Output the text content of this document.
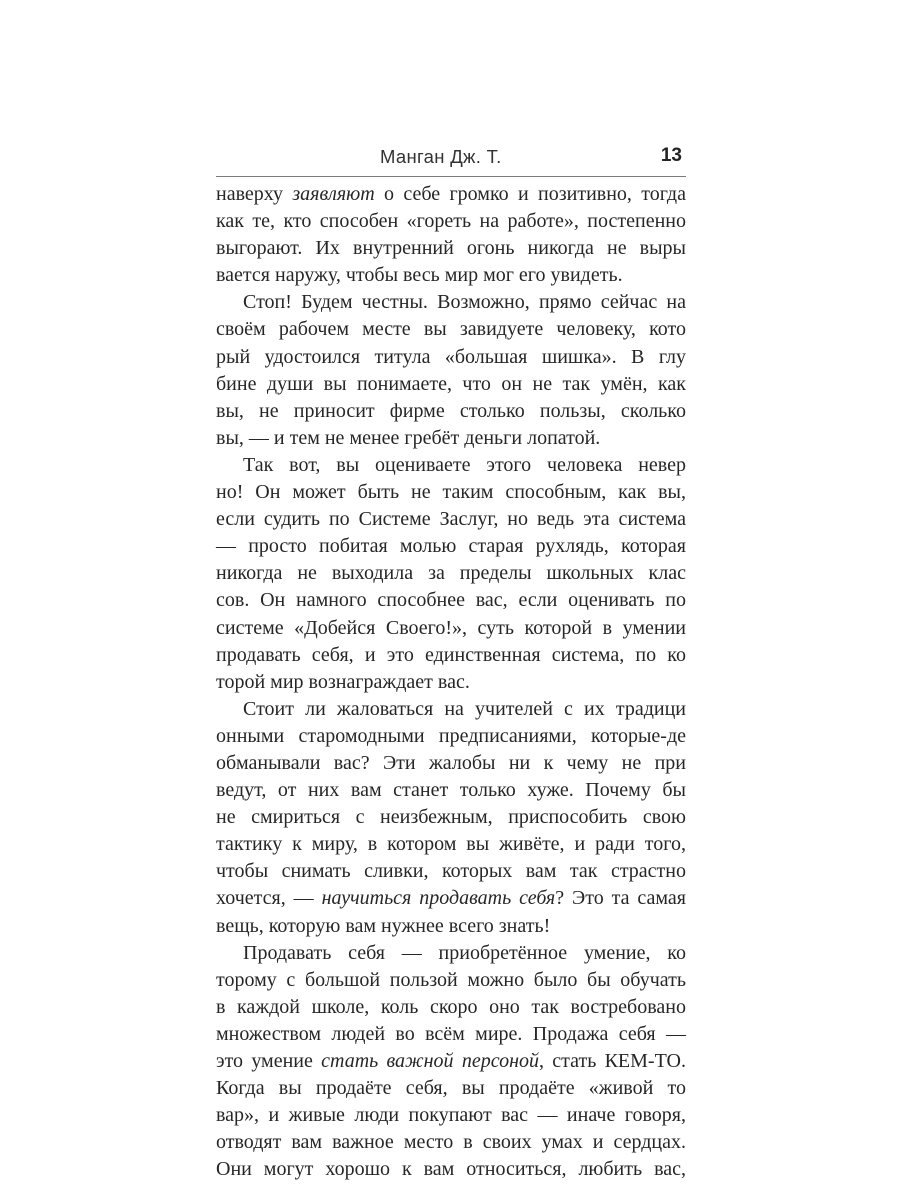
Манган Дж. Т.	13
наверху заявляют о себе громко и позитивно, тогда
как те, кто способен «гореть на работе», постепенно
выгорают. Их внутренний огонь никогда не выры
вается наружу, чтобы весь мир мог его увидеть.
Стоп! Будем честны. Возможно, прямо сейчас на
своём рабочем месте вы завидуете человеку, кото
рый удостоился титула «большая шишка». В глу
бине души вы понимаете, что он не так умён, как
вы, не приносит фирме столько пользы, сколько
вы, — и тем не менее гребёт деньги лопатой.
Так вот, вы оцениваете этого человека невер
но! Он может быть не таким способным, как вы,
если судить по Системе Заслуг, но ведь эта система
— просто побитая молью старая рухлядь, которая
никогда не выходила за пределы школьных клас
сов. Он намного способнее вас, если оценивать по
системе «Добейся Своего!», суть которой в умении
продавать себя, и это единственная система, по ко
торой мир вознаграждает вас.
Стоит ли жаловаться на учителей с их традици
онными старомодными предписаниями, которые-де
обманывали вас? Эти жалобы ни к чему не при
ведут, от них вам станет только хуже. Почему бы
не смириться с неизбежным, приспособить свою
тактику к миру, в котором вы живёте, и ради того,
чтобы снимать сливки, которых вам так страстно
хочется, — научиться продавать себя? Это та самая
вещь, которую вам нужнее всего знать!
Продавать себя — приобретённое умение, ко
торому с большой пользой можно было бы обучать
в каждой школе, коль скоро оно так востребовано
множеством людей во всём мире. Продажа себя —
это умение стать важной персоной, стать КЕМ-ТО.
Когда вы продаёте себя, вы продаёте «живой то
вар», и живые люди покупают вас — иначе говоря,
отводят вам важное место в своих умах и сердцах.
Они могут хорошо к вам относиться, любить вас,
